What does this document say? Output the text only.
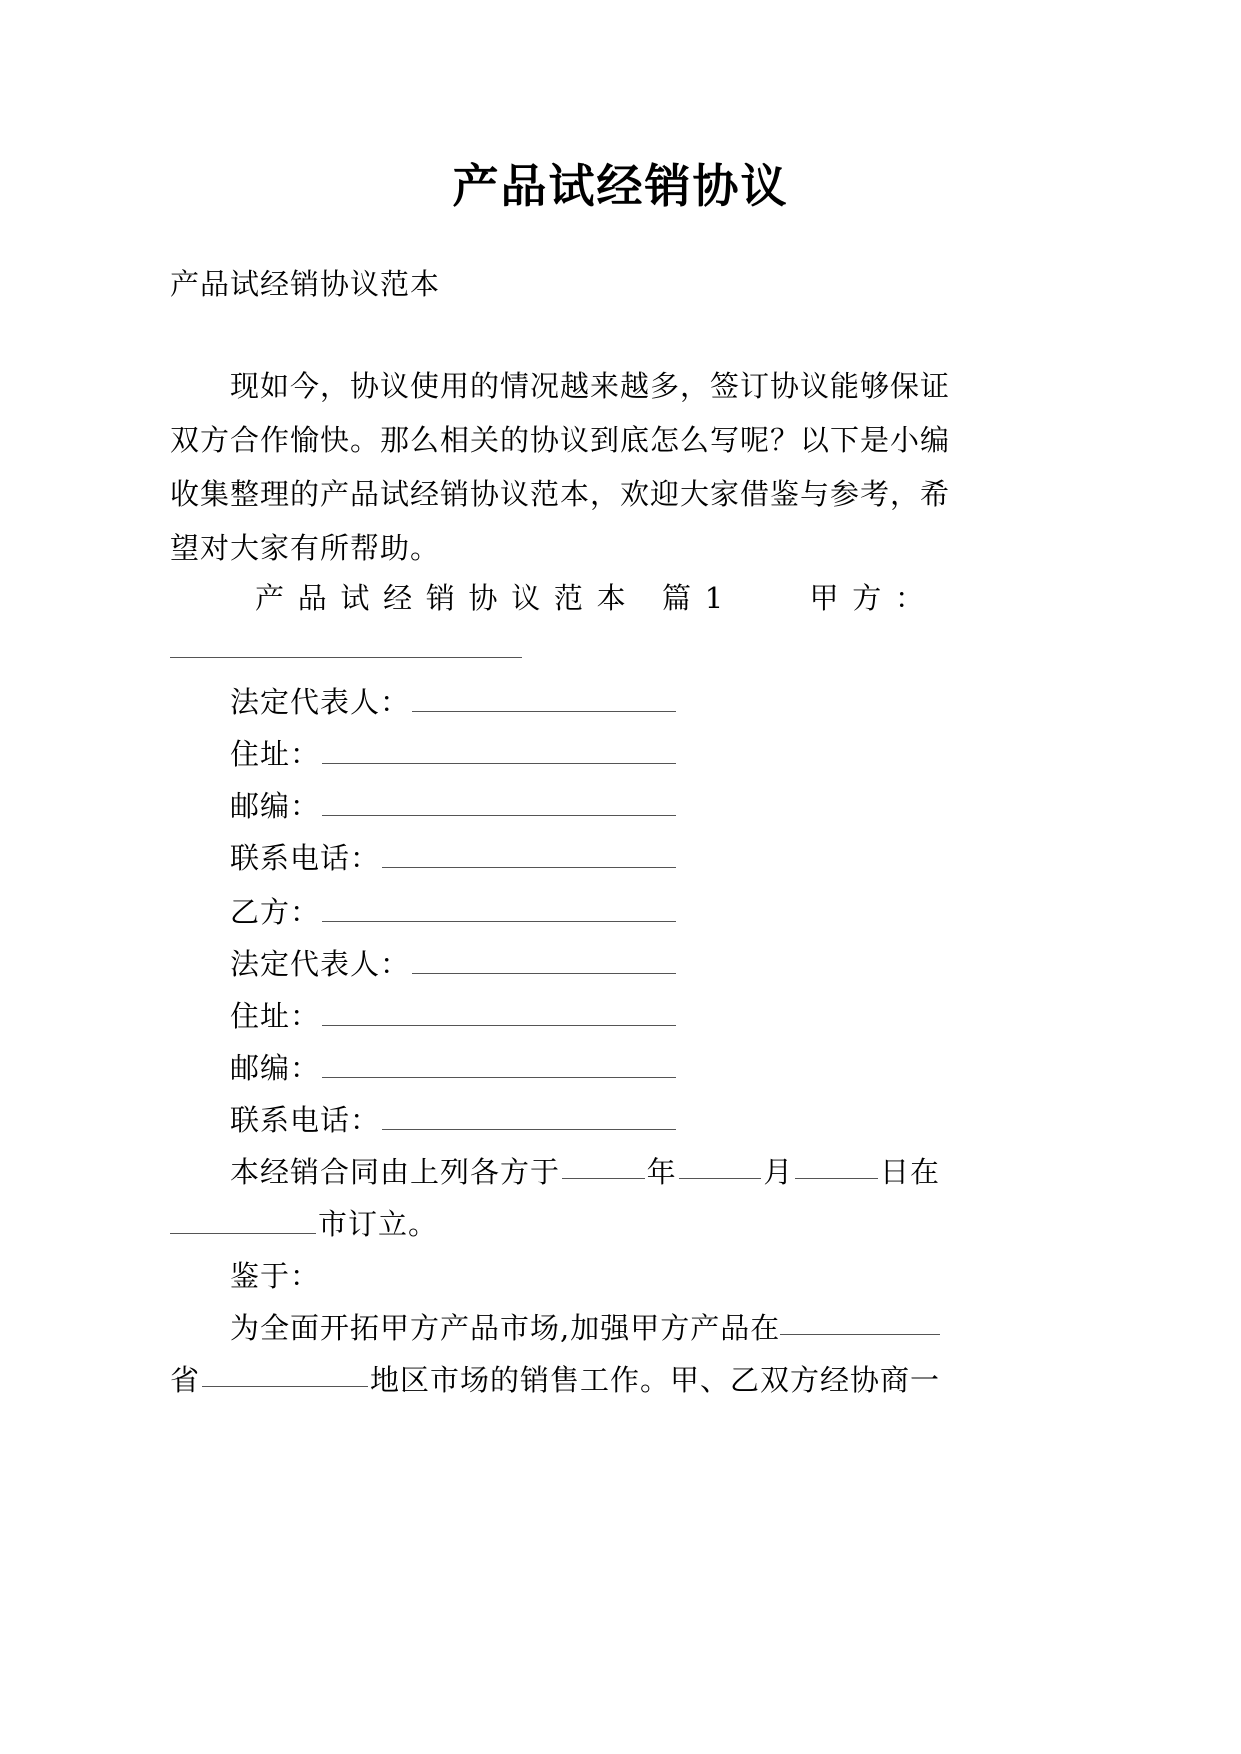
产品试经销协议
产品试经销协议范本
现如今，协议使用的情况越来越多，签订协议能够保证
双方合作愉快。那么相关的协议到底怎么写呢？以下是小编
收集整理的产品试经销协议范本，欢迎大家借鉴与参考，希
望对大家有所帮助。
产 品 试 经 销 协 议 范 本 篇 1	甲 方 ：
法定代表人：
住址：
邮编：
联系电话：
乙方：
法定代表人：
住址：
邮编：
联系电话：
本经销合同由上列各方于	年	月	日在
市订立。
鉴于：
为全面开拓甲方产品市场,加强甲方产品在
省	地区市场的销售工作。甲、乙双方经协商一
